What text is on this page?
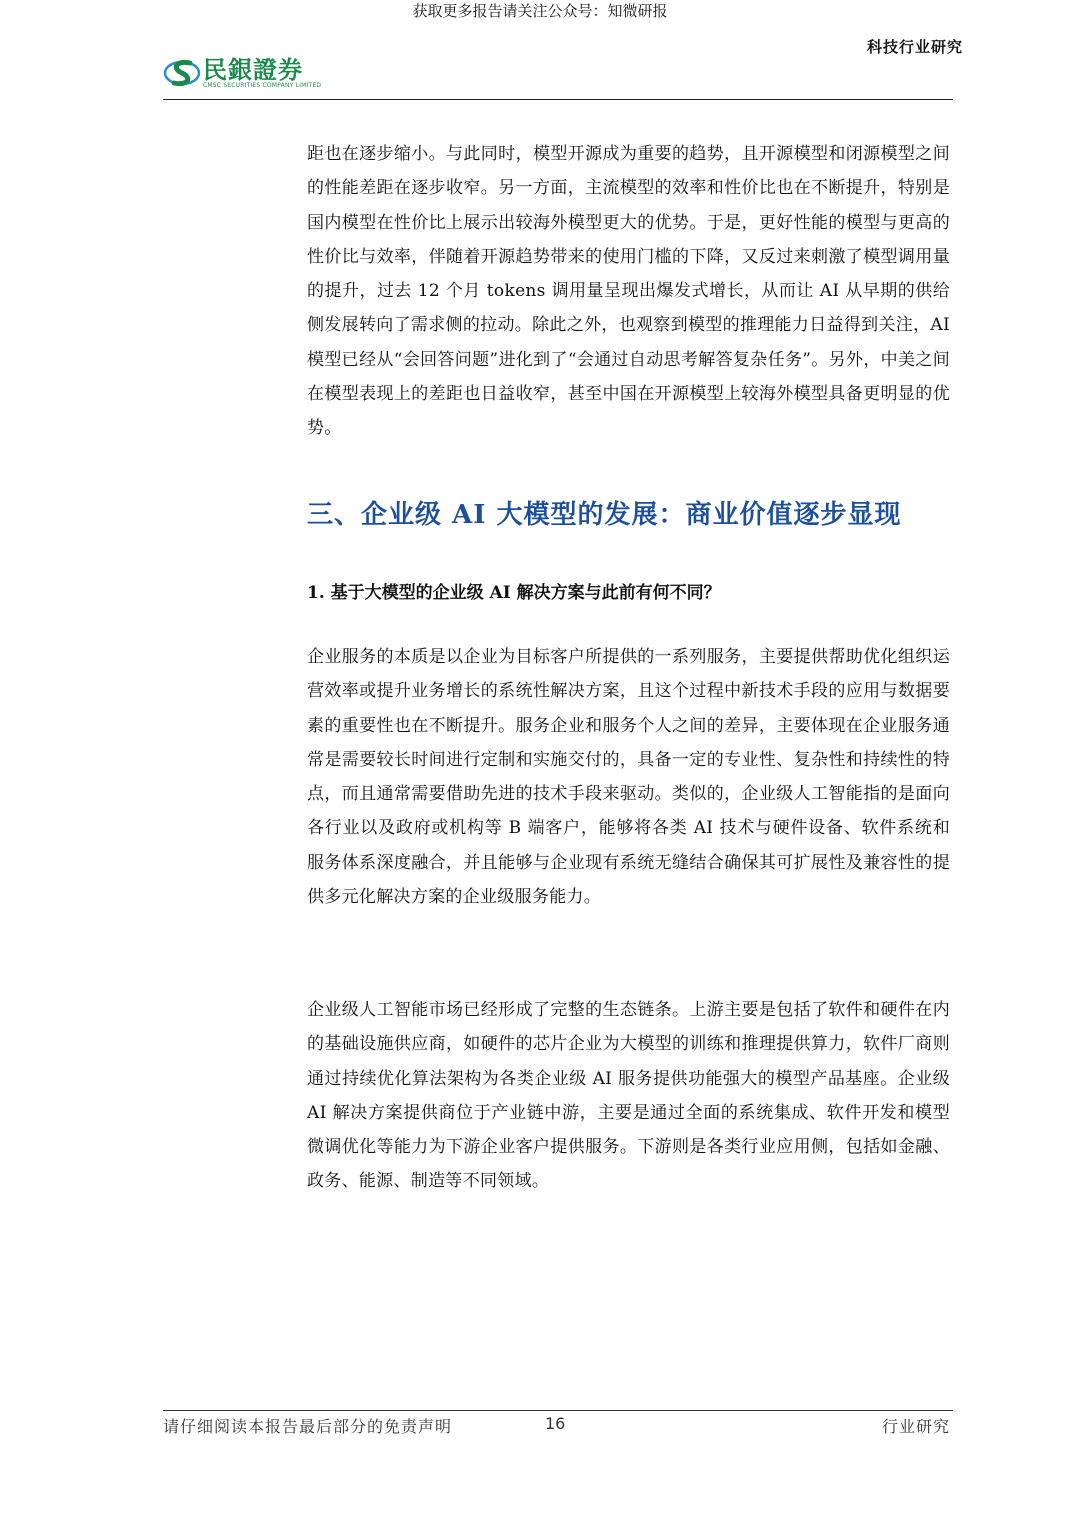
获取更多报告请关注公众号：知微研报
民銀證券
CMSC SECURITIES COMPANY LIMITED
科技行业研究

距也在逐步缩小。与此同时，模型开源成为重要的趋势，且开源模型和闭源模型之间的性能差距在逐步收窄。另一方面，主流模型的效率和性价比也在不断提升，特别是国内模型在性价比上展示出较海外模型更大的优势。于是，更好性能的模型与更高的性价比与效率，伴随着开源趋势带来的使用门槛的下降，又反过来刺激了模型调用量的提升，过去 12 个月 tokens 调用量呈现出爆发式增长，从而让 AI 从早期的供给侧发展转向了需求侧的拉动。除此之外，也观察到模型的推理能力日益得到关注，AI 模型已经从“会回答问题”进化到了“会通过自动思考解答复杂任务”。另外，中美之间在模型表现上的差距也日益收窄，甚至中国在开源模型上较海外模型具备更明显的优势。

三、企业级 AI 大模型的发展：商业价值逐步显现
1. 基于大模型的企业级 AI 解决方案与此前有何不同？

企业服务的本质是以企业为目标客户所提供的一系列服务，主要提供帮助优化组织运营效率或提升业务增长的系统性解决方案，且这个过程中新技术手段的应用与数据要素的重要性也在不断提升。服务企业和服务个人之间的差异，主要体现在企业服务通常是需要较长时间进行定制和实施交付的，具备一定的专业性、复杂性和持续性的特点，而且通常需要借助先进的技术手段来驱动。类似的，企业级人工智能指的是面向各行业以及政府或机构等 B 端客户，能够将各类 AI 技术与硬件设备、软件系统和服务体系深度融合，并且能够与企业现有系统无缝结合确保其可扩展性及兼容性的提供多元化解决方案的企业级服务能力。

企业级人工智能市场已经形成了完整的生态链条。上游主要是包括了软件和硬件在内的基础设施供应商，如硬件的芯片企业为大模型的训练和推理提供算力，软件厂商则通过持续优化算法架构为各类企业级 AI 服务提供功能强大的模型产品基座。企业级 AI 解决方案提供商位于产业链中游，主要是通过全面的系统集成、软件开发和模型微调优化等能力为下游企业客户提供服务。下游则是各类行业应用侧，包括如金融、政务、能源、制造等不同领域。

请仔细阅读本报告最后部分的免责声明	16	行业研究
